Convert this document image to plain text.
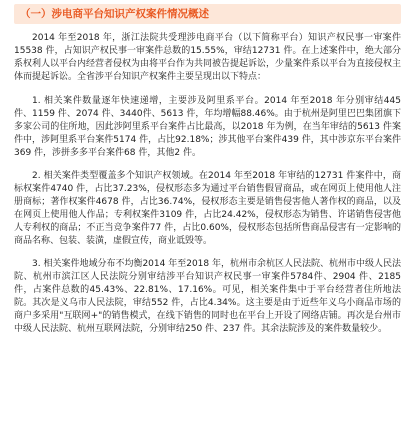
（一）涉电商平台知识产权案件情况概述

2014 年至2018 年，浙江法院共受理涉电商平台（以下简称平台）知识产权民事一审案件15538 件，占知识产权民事一审案件总数的15.55%，审结12731 件。在上述案件中，绝大部分系权利人以平台内经营者侵权为由将平台作为共同被告提起诉讼，少量案件系以平台为直接侵权主体而提起诉讼。全省涉平台知识产权案件主要呈现出以下特点：

1. 相关案件数量逐年快速递增，主要涉及阿里系平台。2014 年至2018 年分别审结445 件、1159 件、2074 件、3440件、5613 件，年均增幅88.46%。由于杭州是阿里巴巴集团旗下多家公司的住所地，因此涉阿里系平台案件占比最高，以2018 年为例，在当年审结的5613 件案件中，涉阿里系平台案件5174 件，占比92.18%；涉其他平台案件439 件，其中涉京东平台案件369 件，涉拼多多平台案件68 件，其他2 件。

2. 相关案件类型覆盖多个知识产权领域。在2014 年至2018 年审结的12731 件案件中，商标权案件4740 件，占比37.23%，侵权形态多为通过平台销售假冒商品，或在网页上使用他人注册商标；著作权案件4678 件，占比36.74%，侵权形态主要是销售侵害他人著作权的商品，以及在网页上使用他人作品；专利权案件3109 件，占比24.42%，侵权形态为销售、许诺销售侵害他人专利权的商品；不正当竞争案件77 件，占比0.60%，侵权形态包括所售商品侵害有一定影响的商品名称、包装、装潢，虚假宣传，商业诋毁等。

3. 相关案件地域分布不均衡2014 年至2018 年，杭州市余杭区人民法院、杭州市中级人民法院、杭州市滨江区人民法院分别审结涉平台知识产权民事一审案件5784件、2904 件、2185 件，占案件总数的45.43%、22.81%、17.16%。可见，相关案件集中于平台经营者住所地法院。其次是义乌市人民法院，审结552 件，占比4.34%。这主要是由于近些年义乌小商品市场的商户多采用"互联网+"的销售模式，在线下销售的同时也在平台上开设了网络店铺。再次是台州市中级人民法院、杭州互联网法院，分别审结250 件、237 件。其余法院涉及的案件数量较少。
